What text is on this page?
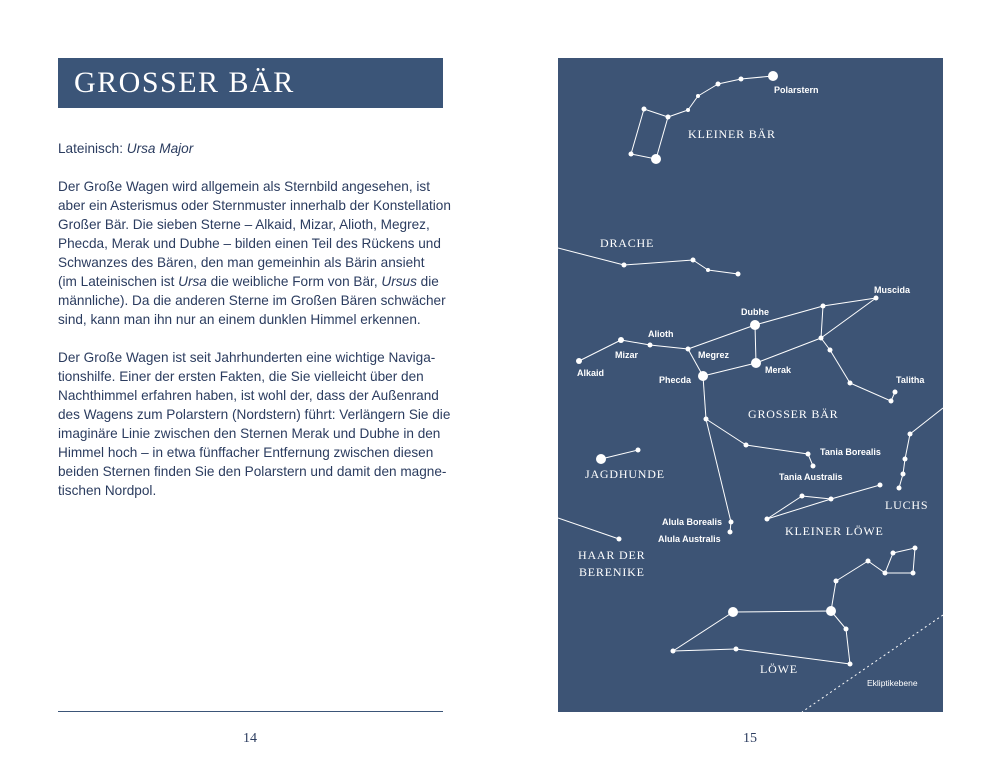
GROSSER BÄR
Lateinisch: Ursa Major
Der Große Wagen wird allgemein als Sternbild angesehen, ist
aber ein Asterismus oder Sternmuster innerhalb der Konstellation
Großer Bär. Die sieben Sterne – Alkaid, Mizar, Alioth, Megrez,
Phecda, Merak und Dubhe – bilden einen Teil des Rückens und
Schwanzes des Bären, den man gemeinhin als Bärin ansieht
(im Lateinischen ist Ursa die weibliche Form von Bär, Ursus die
männliche). Da die anderen Sterne im Großen Bären schwächer
sind, kann man ihn nur an einem dunklen Himmel erkennen.
Der Große Wagen ist seit Jahrhunderten eine wichtige Naviga-
tionshilfe. Einer der ersten Fakten, die Sie vielleicht über den
Nachthimmel erfahren haben, ist wohl der, dass der Außenrand
des Wagens zum Polarstern (Nordstern) führt: Verlängern Sie die
imaginäre Linie zwischen den Sternen Merak und Dubhe in den
Himmel hoch – in etwa fünffacher Entfernung zwischen diesen
beiden Sternen finden Sie den Polarstern und damit den magne-
tischen Nordpol.
14
KLEINER BÄR
DRACHE
GROSSER BÄR
JAGDHUNDE
LUCHS
KLEINER LÖWE
HAAR DER
BERENIKE
LÖWE
Polarstern
Dubhe
Merak
Megrez
Phecda
Alioth
Mizar
Alkaid
Muscida
Talitha
Tania Borealis
Tania Australis
Alula Borealis
Alula Australis
Ekliptikebene
15
